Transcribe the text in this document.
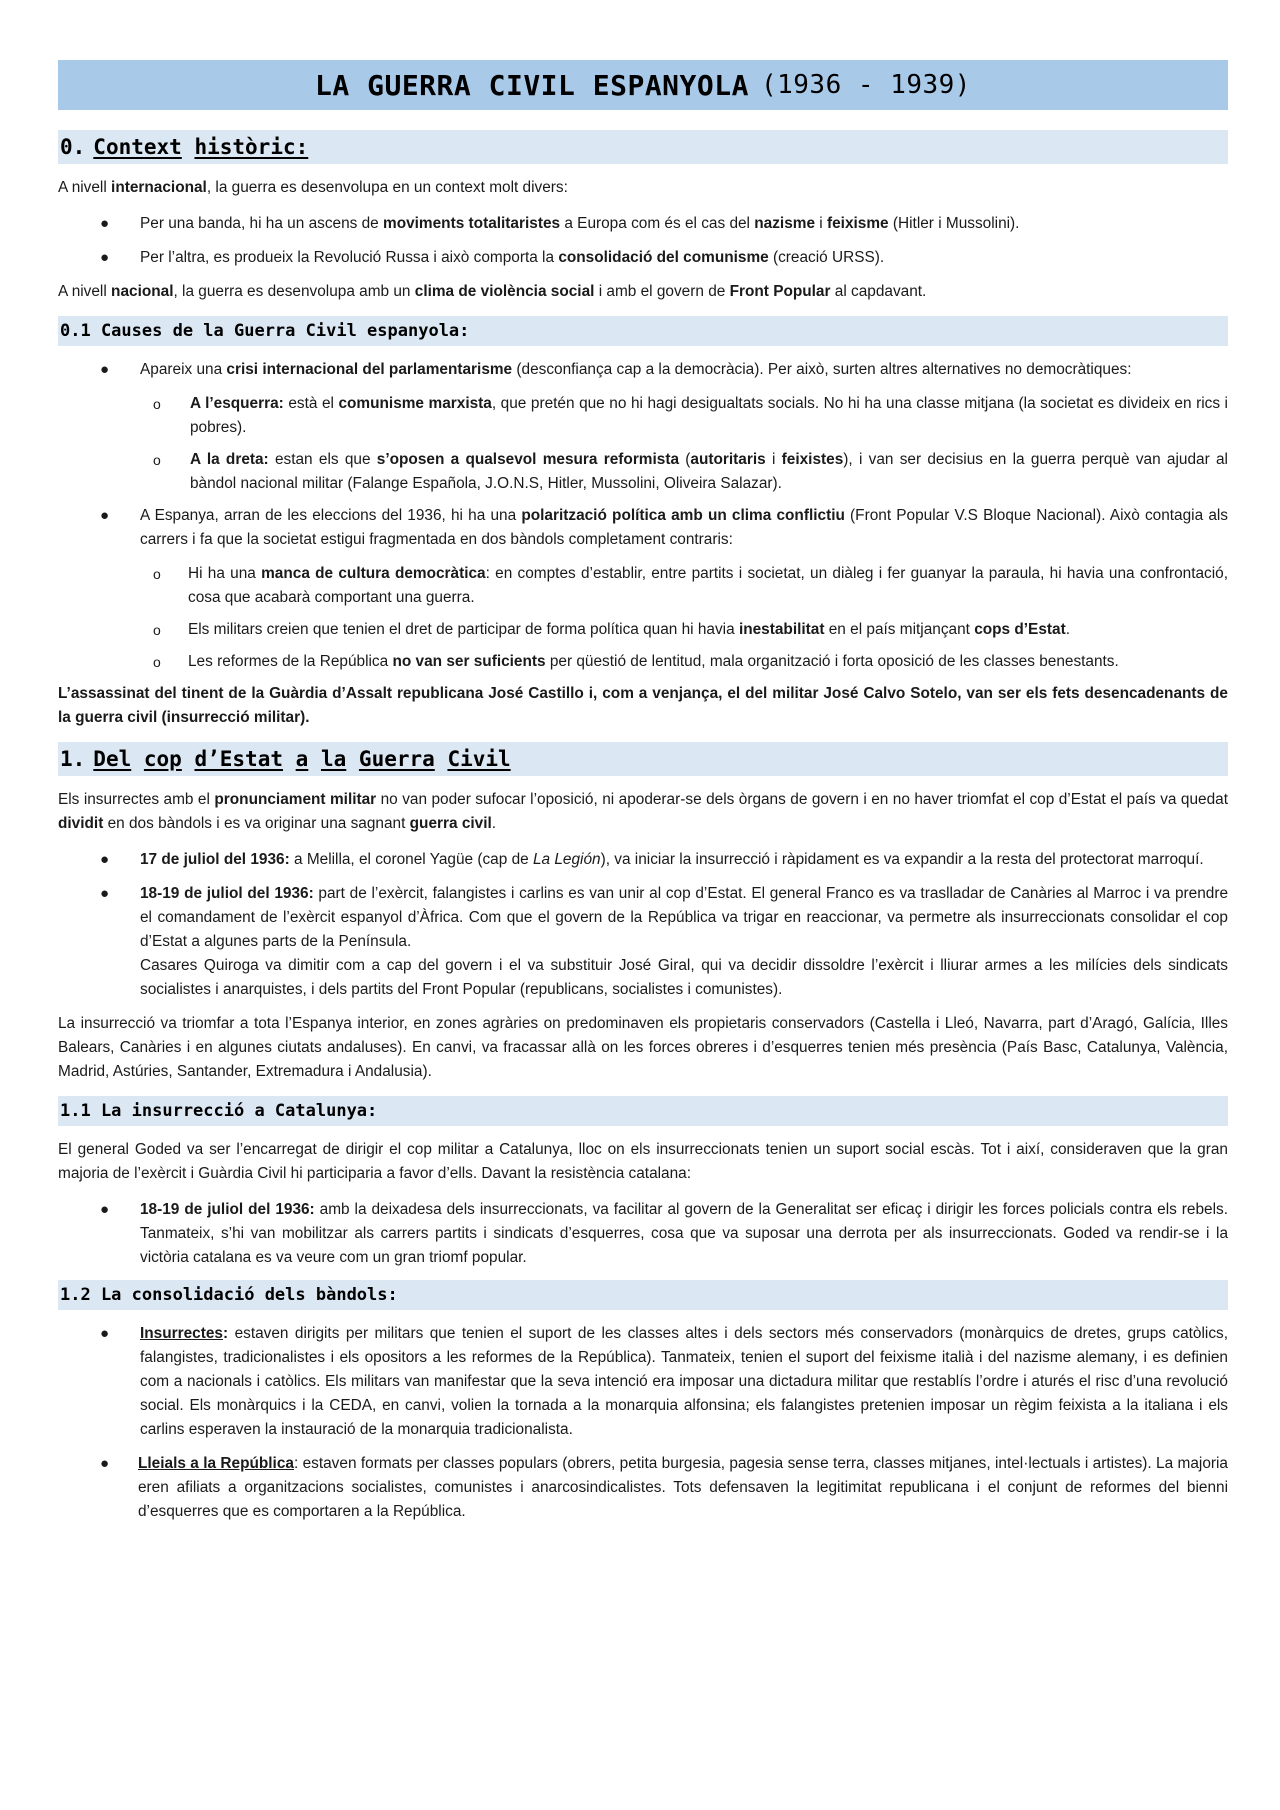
LA GUERRA CIVIL ESPANYOLA (1936 - 1939)
0. Context
històric:

A nivell internacional, la guerra es desenvolupa en un context molt divers:

● Per una banda, hi ha un ascens de moviments totalitaristes a Europa com és el cas del nazisme i feixisme (Hitler i Mussolini).
● Per l’altra, es produeix la Revolució Russa i això comporta la consolidació del comunisme (creació URSS).

A nivell nacional, la guerra es desenvolupa amb un clima de violència social i amb el govern de Front Popular al capdavant.

0.1 Causes de la Guerra Civil espanyola:
● Apareix una crisi internacional del parlamentarisme (desconfiança cap a la democràcia). Per això, surten altres alternatives no democràtiques:
o A l’esquerra: està el comunisme marxista, que pretén que no hi hagi desigualtats socials. No hi ha una classe mitjana (la societat es divideix en rics i pobres).
o A la dreta: estan els que s’oposen a qualsevol mesura reformista (autoritaris i feixistes), i van ser decisius en la guerra perquè van ajudar al bàndol nacional militar (Falange Española, J.O.N.S, Hitler, Mussolini, Oliveira Salazar).
● A Espanya, arran de les eleccions del 1936, hi ha una polarització política amb un clima conflictiu (Front Popular V.S Bloque Nacional). Això contagia als carrers i fa que la societat estigui fragmentada en dos bàndols completament contraris:
o Hi ha una manca de cultura democràtica: en comptes d’establir, entre partits i societat, un diàleg i fer guanyar la paraula, hi havia una confrontació, cosa que acabarà comportant una guerra.
o Els militars creien que tenien el dret de participar de forma política quan hi havia inestabilitat en el país mitjançant cops d’Estat.
o Les reformes de la República no van ser suficients per qüestió de lentitud, mala organització i forta oposició de les classes benestants.

L’assassinat del tinent de la Guàrdia d’Assalt republicana José Castillo i, com a venjança, el del militar José Calvo Sotelo, van ser els fets desencadenants de la guerra civil (insurrecció militar).

1. Del
cop
d’Estat
a
la
Guerra
Civil

Els insurrectes amb el pronunciament militar no van poder sufocar l’oposició, ni apoderar-se dels òrgans de govern i en no haver triomfat el cop d’Estat el país va quedat dividit en dos bàndols i es va originar una sagnant guerra civil.

● 17 de juliol del 1936: a Melilla, el coronel Yagüe (cap de La Legión), va iniciar la insurrecció i ràpidament es va expandir a la resta del protectorat marroquí.
● 18-19 de juliol del 1936: part de l’exèrcit, falangistes i carlins es van unir al cop d’Estat. El general Franco es va traslladar de Canàries al Marroc i va prendre el comandament de l’exèrcit espanyol d’Àfrica. Com que el govern de la República va trigar en reaccionar, va permetre als insurreccionats consolidar el cop d’Estat a algunes parts de la Península.
Casares Quiroga va dimitir com a cap del govern i el va substituir José Giral, qui va decidir dissoldre l’exèrcit i lliurar armes a les milícies dels sindicats socialistes i anarquistes, i dels partits del Front Popular (republicans, socialistes i comunistes).

La insurrecció va triomfar a tota l’Espanya interior, en zones agràries on predominaven els propietaris conservadors (Castella i Lleó, Navarra, part d’Aragó, Galícia, Illes Balears, Canàries i en algunes ciutats andaluses). En canvi, va fracassar allà on les forces obreres i d’esquerres tenien més presència (País Basc, Catalunya, València, Madrid, Astúries, Santander, Extremadura i Andalusia).

1.1 La insurrecció a Catalunya:

El general Goded va ser l’encarregat de dirigir el cop militar a Catalunya, lloc on els insurreccionats tenien un suport social escàs. Tot i així, consideraven que la gran majoria de l’exèrcit i Guàrdia Civil hi participaria a favor d’ells. Davant la resistència catalana:

● 18-19 de juliol del 1936: amb la deixadesa dels insurreccionats, va facilitar al govern de la Generalitat ser eficaç i dirigir les forces policials contra els rebels. Tanmateix, s’hi van mobilitzar als carrers partits i sindicats d’esquerres, cosa que va suposar una derrota per als insurreccionats. Goded va rendir-se i la victòria catalana es va veure com un gran triomf popular.
1.2 La consolidació dels bàndols:
● Insurrectes: estaven dirigits per militars que tenien el suport de les classes altes i dels sectors més conservadors (monàrquics de dretes, grups catòlics, falangistes, tradicionalistes i els opositors a les reformes de la República). Tanmateix, tenien el suport del feixisme italià i del nazisme alemany, i es definien com a nacionals i catòlics. Els militars van manifestar que la seva intenció era imposar una dictadura militar que restablís l’ordre i aturés el risc d’una revolució social. Els monàrquics i la CEDA, en canvi, volien la tornada a la monarquia alfonsina; els falangistes pretenien imposar un règim feixista a la italiana i els carlins esperaven la instauració de la monarquia tradicionalista.
● Lleials a la República: estaven formats per classes populars (obrers, petita burgesia, pagesia sense terra, classes mitjanes, intel·lectuals i artistes). La majoria eren afiliats a organitzacions socialistes, comunistes i anarcosindicalistes. Tots defensaven la legitimitat republicana i el conjunt de reformes del bienni d’esquerres que es comportaren a la República.
